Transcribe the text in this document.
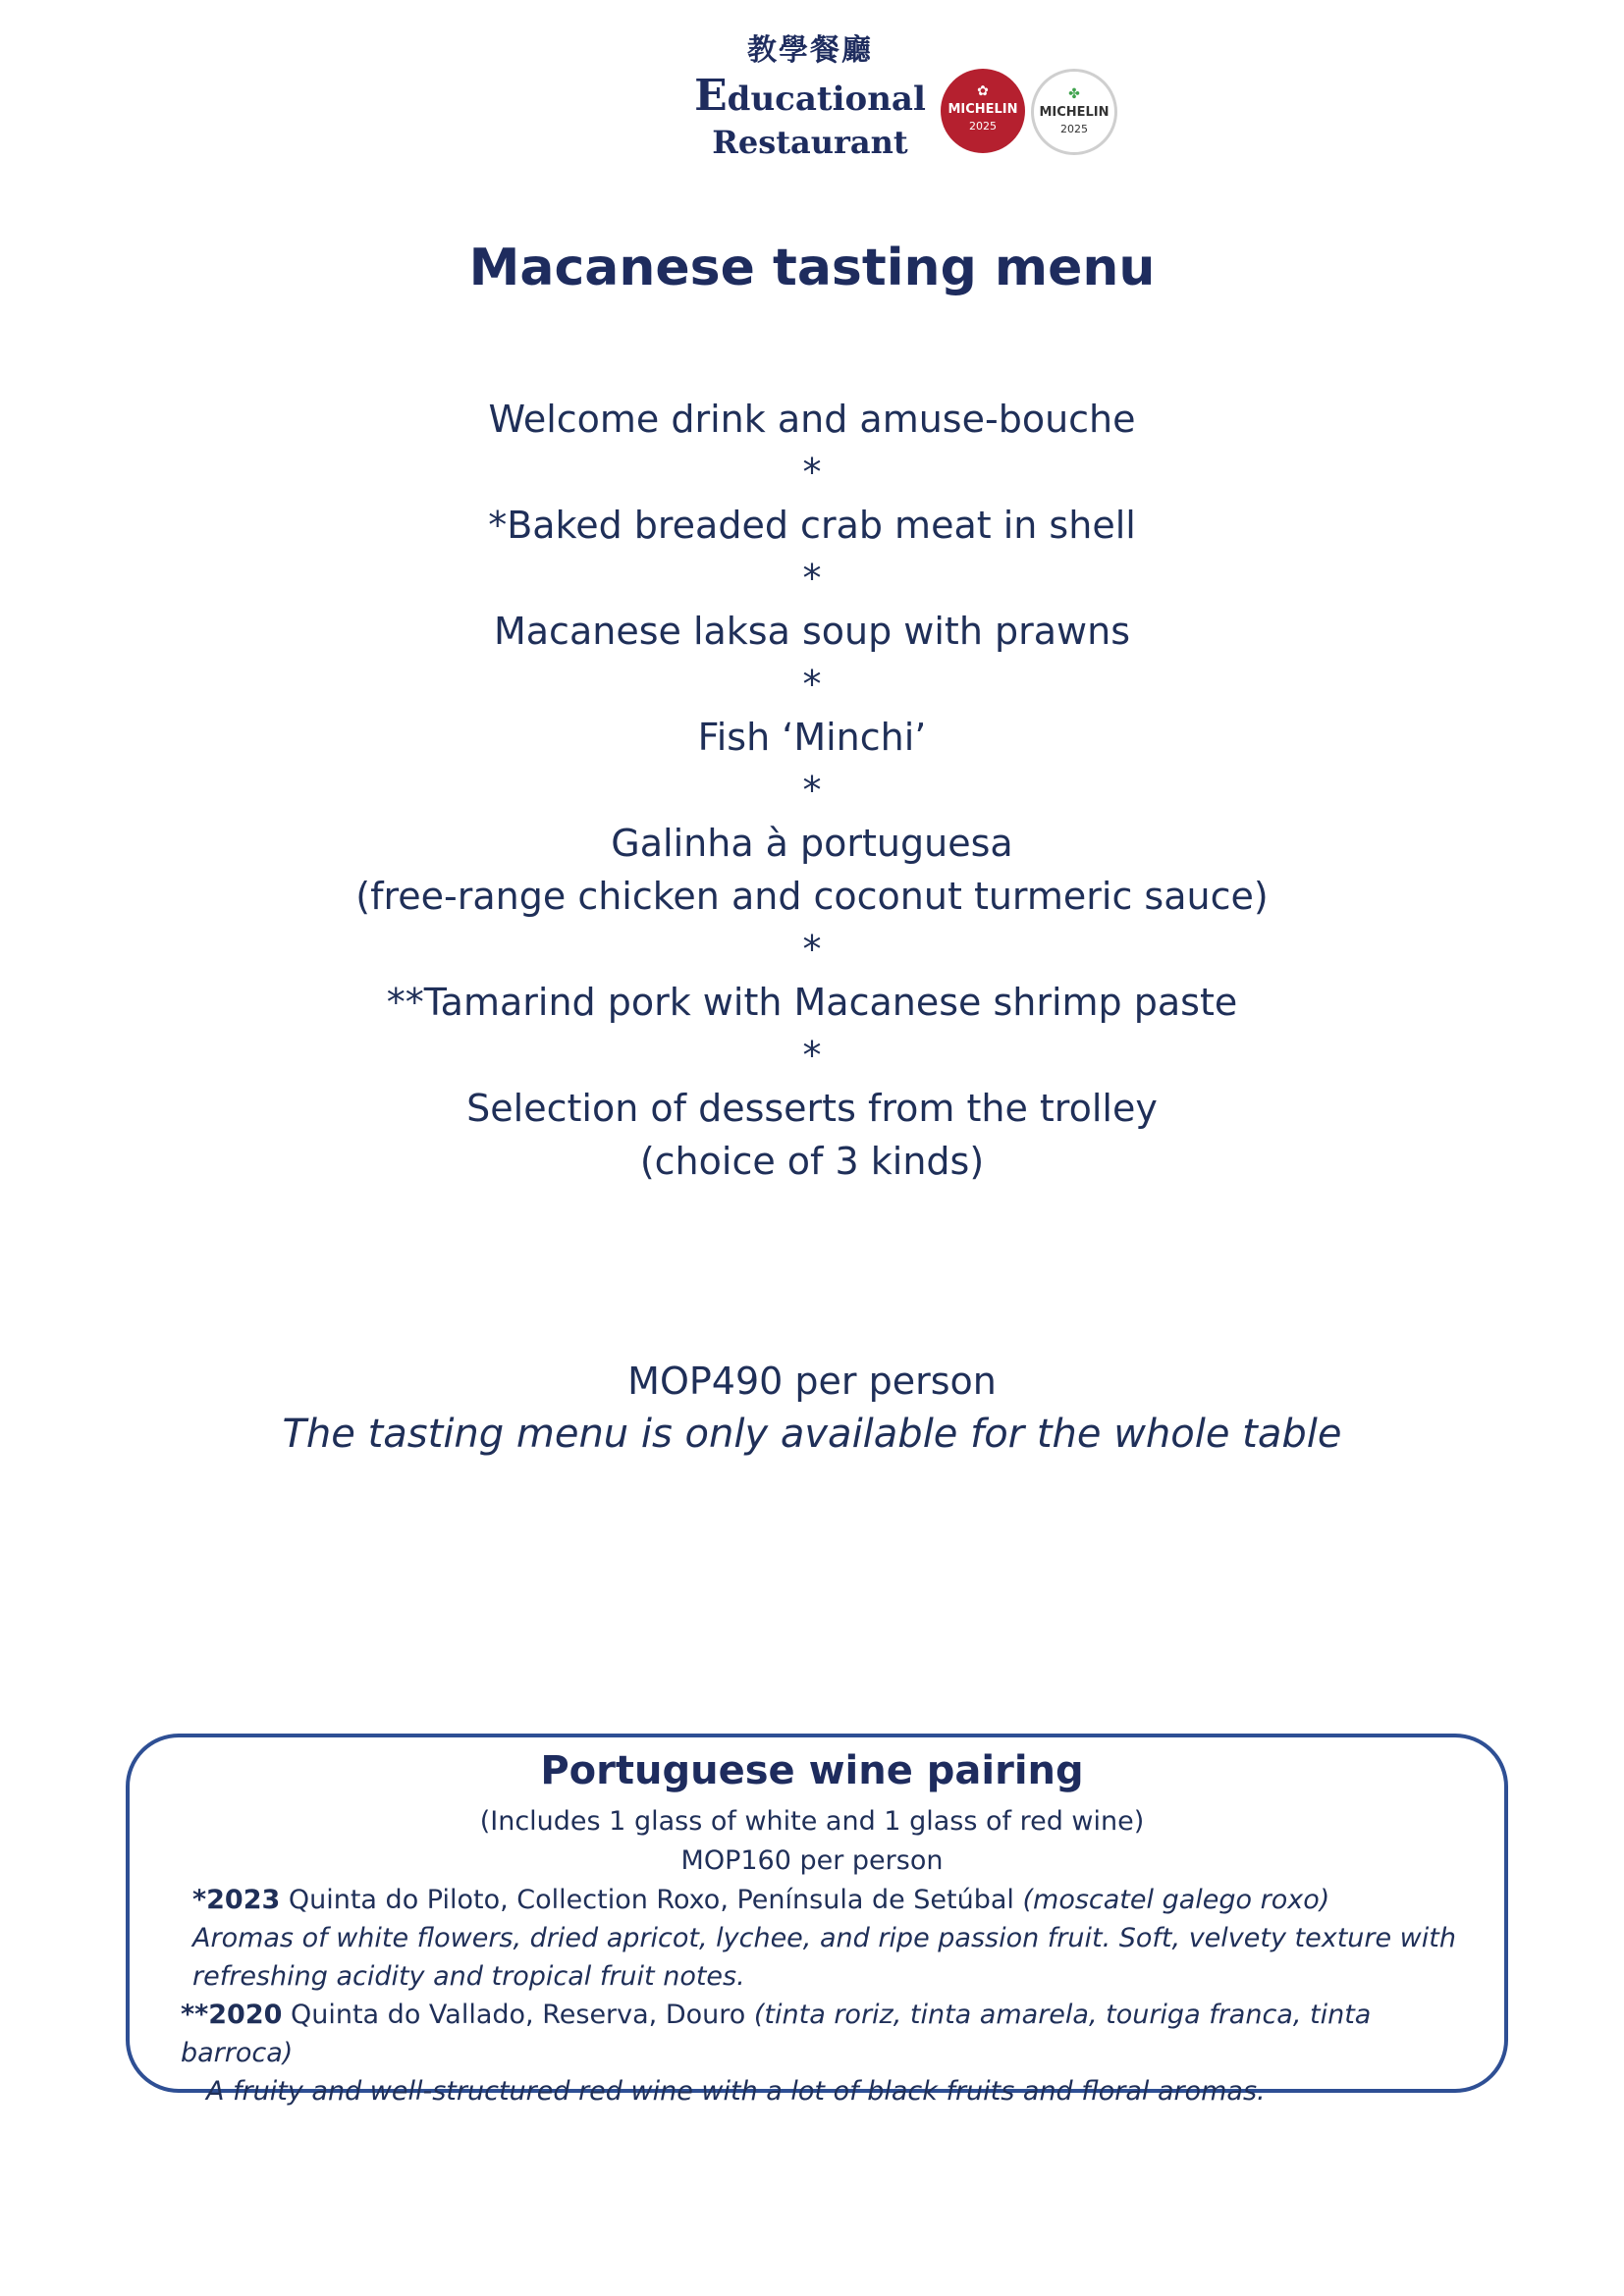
教學餐廳
Educational
Restaurant
✿
MICHELIN
2025
✤
MICHELIN
2025
Macanese tasting menu
Welcome drink and amuse-bouche
*
*Baked breaded crab meat in shell
*
Macanese laksa soup with prawns
*
Fish ‘Minchi’
*
Galinha à portuguesa
(free-range chicken and coconut turmeric sauce)
*
**Tamarind pork with Macanese shrimp paste
*
Selection of desserts from the trolley
(choice of 3 kinds)
MOP490 per person
The tasting menu is only available for the whole table
Portuguese wine pairing
(Includes 1 glass of white and 1 glass of red wine)
MOP160 per person
*2023 Quinta do Piloto, Collection Roxo, Península de Setúbal (moscatel galego roxo)
Aromas of white flowers, dried apricot, lychee, and ripe passion fruit. Soft, velvety texture with
refreshing acidity and tropical fruit notes.
**2020 Quinta do Vallado, Reserva, Douro (tinta roriz, tinta amarela, touriga franca, tinta barroca)
A fruity and well-structured red wine with a lot of black fruits and floral aromas.
